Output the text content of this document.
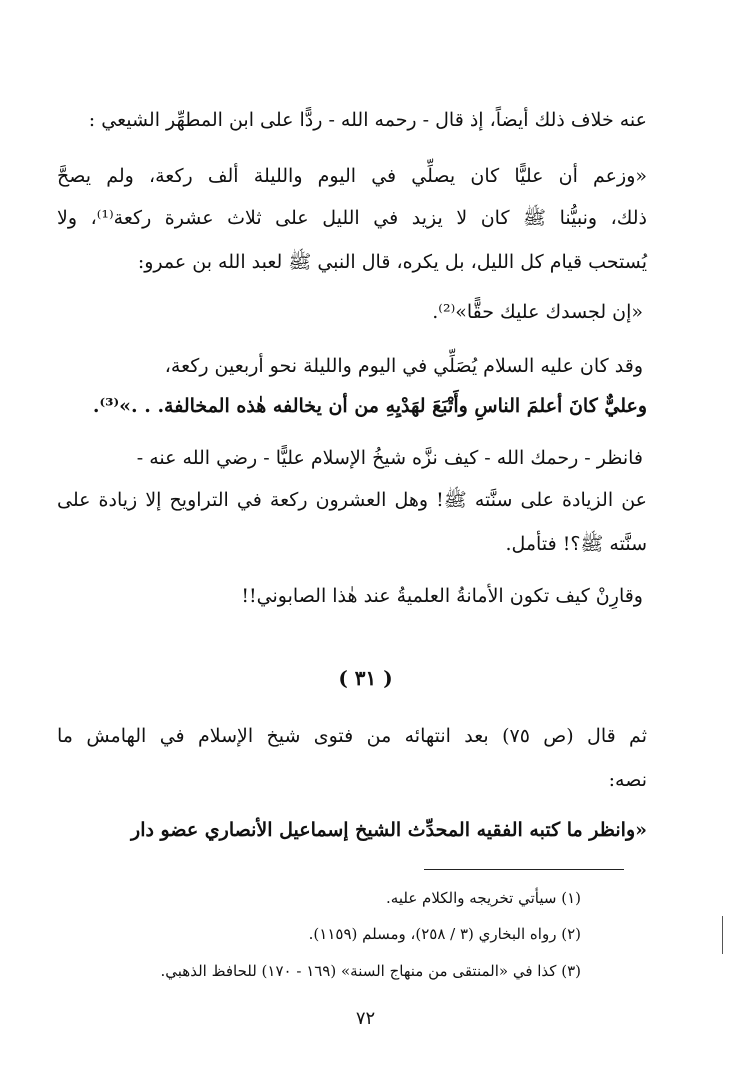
عنه خلاف ذلك أيضاً، إذ قال - رحمه الله - ردًّا على ابن المطهِّر الشيعي :
«وزعم أن عليًّا كان يصلِّي في اليوم والليلة ألف ركعة، ولم يصحَّ
ذلك، ونبيُّنا ﷺ كان لا يزيد في الليل على ثلاث عشرة ركعة⁽¹⁾، ولا
يُستحب قيام كل الليل، بل يكره، قال النبي ﷺ لعبد الله بن عمرو:
«إن لجسدك عليك حقًّا»⁽²⁾.
وقد كان عليه السلام يُصَلِّي في اليوم والليلة نحو أربعين ركعة،
وعليٌّ كانَ أعلمَ الناسِ وأَتْبَعَ لهَدْيِهِ من أن يخالفه هٰذه المخالفة. . .»⁽³⁾.
فانظر - رحمك الله - كيف نزَّه شيخُ الإسلام عليًّا - رضي الله عنه -
عن الزيادة على سنَّته ﷺ! وهل العشرون ركعة في التراويح إلا زيادة على
سنَّته ﷺ؟! فتأمل.
وقارِنْ كيف تكون الأمانةُ العلميةُ عند هٰذا الصابوني!!
( ٣١ )
ثم قال (ص ٧٥) بعد انتهائه من فتوى شيخ الإسلام في الهامش ما
نصه:
«وانظر ما كتبه الفقيه المحدِّث الشيخ إسماعيل الأنصاري عضو دار
(١) سيأتي تخريجه والكلام عليه.
(٢) رواه البخاري (٣ / ٢٥٨)، ومسلم (١١٥٩).
(٣) كذا في «المنتقى من منهاج السنة» (١٦٩ - ١٧٠) للحافظ الذهبي.
٧٢
